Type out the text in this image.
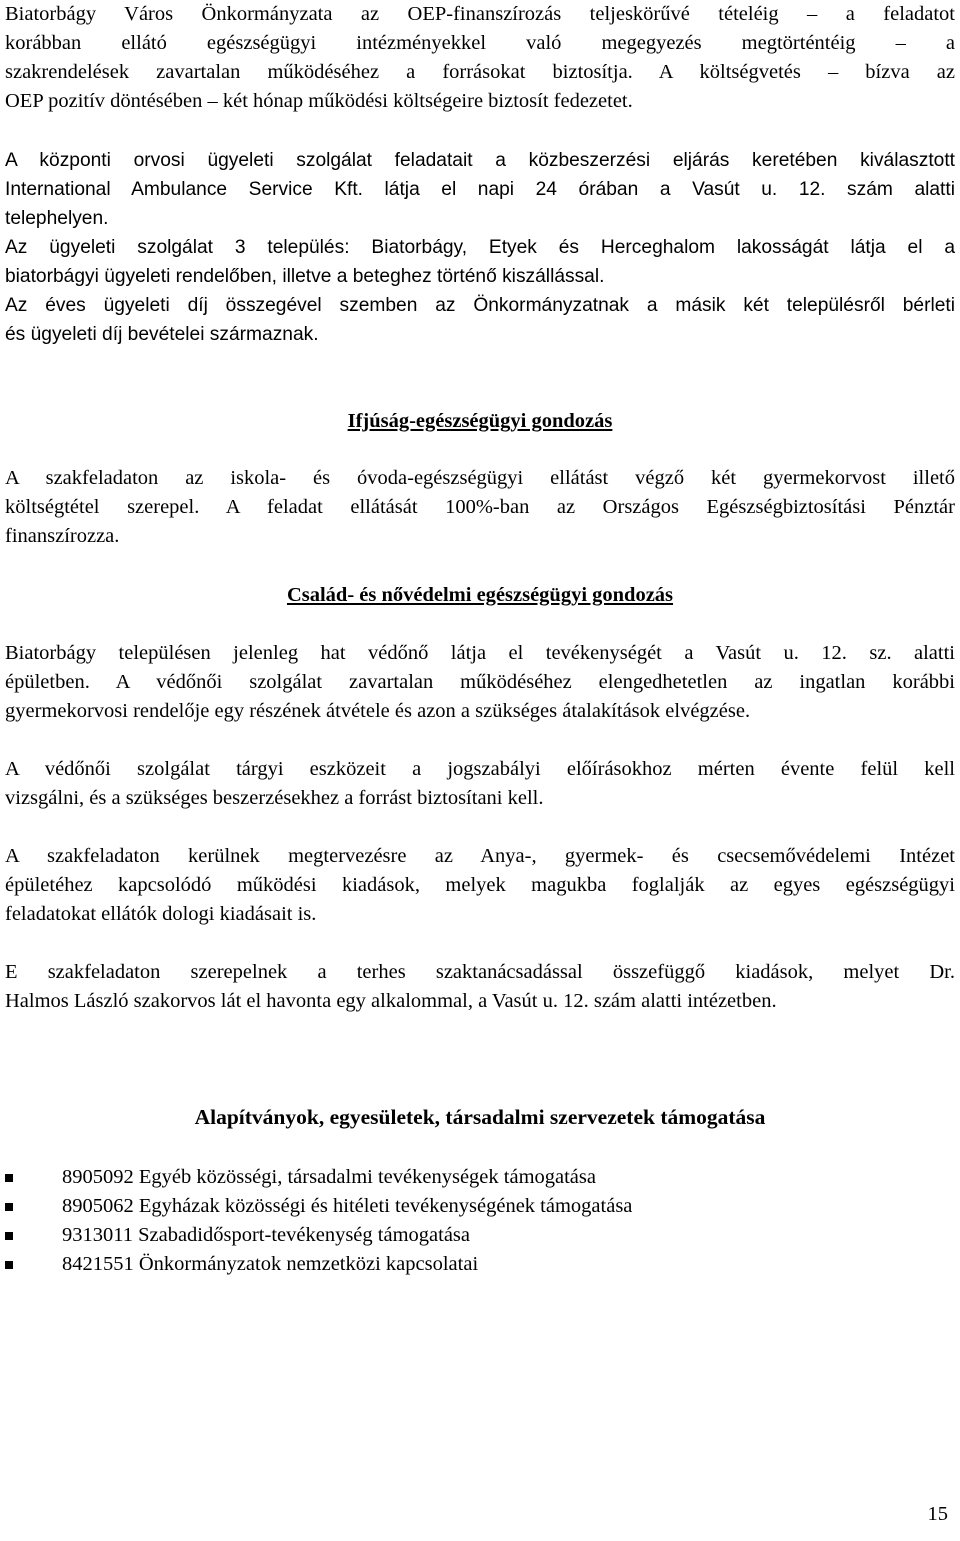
Biatorbágy Város Önkormányzata az OEP-finanszírozás teljeskörűvé tételéig – a feladatot
korábban ellátó egészségügyi intézményekkel való megegyezés megtörténtéig – a
szakrendelések zavartalan működéséhez a forrásokat biztosítja. A költségvetés – bízva az
OEP pozitív döntésében – két hónap működési költségeire biztosít fedezetet.
A központi orvosi ügyeleti szolgálat feladatait a közbeszerzési eljárás keretében kiválasztott
International Ambulance Service Kft. látja el napi 24 órában a Vasút u. 12. szám alatti
telephelyen.
Az ügyeleti szolgálat 3 település: Biatorbágy, Etyek és Herceghalom lakosságát látja el a
biatorbágyi ügyeleti rendelőben, illetve a beteghez történő kiszállással.
Az éves ügyeleti díj összegével szemben az Önkormányzatnak a másik két településről bérleti
és ügyeleti díj bevételei származnak.
Ifjúság-egészségügyi gondozás
A szakfeladaton az iskola- és óvoda-egészségügyi ellátást végző két gyermekorvost illető
költségtétel szerepel. A feladat ellátását 100%-ban az Országos Egészségbiztosítási Pénztár
finanszírozza.
Család- és nővédelmi egészségügyi gondozás
Biatorbágy településen jelenleg hat védőnő látja el tevékenységét a Vasút u. 12. sz. alatti
épületben. A védőnői szolgálat zavartalan működéséhez elengedhetetlen az ingatlan korábbi
gyermekorvosi rendelője egy részének átvétele és azon a szükséges átalakítások elvégzése.
A védőnői szolgálat tárgyi eszközeit a jogszabályi előírásokhoz mérten évente felül kell
vizsgálni, és a szükséges beszerzésekhez a forrást biztosítani kell.
A szakfeladaton kerülnek megtervezésre az Anya-, gyermek- és csecsemővédelemi Intézet
épületéhez kapcsolódó működési kiadások, melyek magukba foglalják az egyes egészségügyi
feladatokat ellátók dologi kiadásait is.
E szakfeladaton szerepelnek a terhes szaktanácsadással összefüggő kiadások, melyet Dr.
Halmos László szakorvos lát el havonta egy alkalommal, a Vasút u. 12. szám alatti intézetben.
Alapítványok, egyesületek, társadalmi szervezetek támogatása
8905092 Egyéb közösségi, társadalmi tevékenységek támogatása
8905062 Egyházak közösségi és hitéleti tevékenységének támogatása
9313011 Szabadidősport-tevékenység támogatása
8421551 Önkormányzatok nemzetközi kapcsolatai
15
